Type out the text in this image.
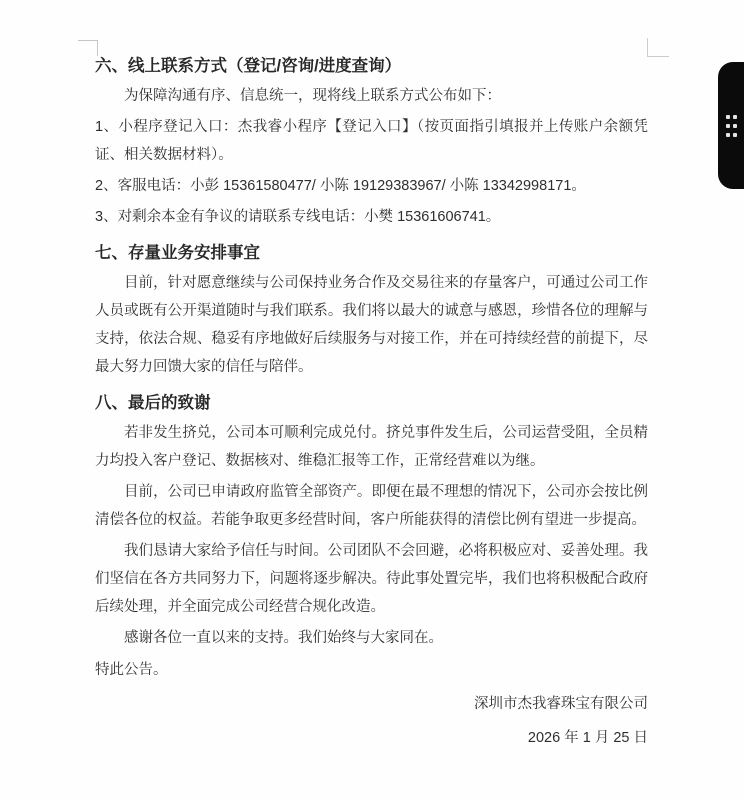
六、线上联系方式（登记/咨询/进度查询）

为保障沟通有序、信息统一，现将线上联系方式公布如下：

1、小程序登记入口：杰我睿小程序【登记入口】（按页面指引填报并上传账户余额凭证、相关数据材料）。

2、客服电话：小彭 15361580477/ 小陈 19129383967/ 小陈 13342998171。

3、对剩余本金有争议的请联系专线电话：小樊 15361606741。

七、存量业务安排事宜

目前，针对愿意继续与公司保持业务合作及交易往来的存量客户，可通过公司工作人员或既有公开渠道随时与我们联系。我们将以最大的诚意与感恩，珍惜各位的理解与支持，依法合规、稳妥有序地做好后续服务与对接工作，并在可持续经营的前提下，尽最大努力回馈大家的信任与陪伴。

八、最后的致谢

若非发生挤兑，公司本可顺利完成兑付。挤兑事件发生后，公司运营受阻，全员精力均投入客户登记、数据核对、维稳汇报等工作，正常经营难以为继。

目前，公司已申请政府监管全部资产。即便在最不理想的情况下，公司亦会按比例清偿各位的权益。若能争取更多经营时间，客户所能获得的清偿比例有望进一步提高。

我们恳请大家给予信任与时间。公司团队不会回避，必将积极应对、妥善处理。我们坚信在各方共同努力下，问题将逐步解决。待此事处置完毕，我们也将积极配合政府后续处理，并全面完成公司经营合规化改造。

感谢各位一直以来的支持。我们始终与大家同在。

特此公告。

深圳市杰我睿珠宝有限公司

2026 年 1 月 25 日
